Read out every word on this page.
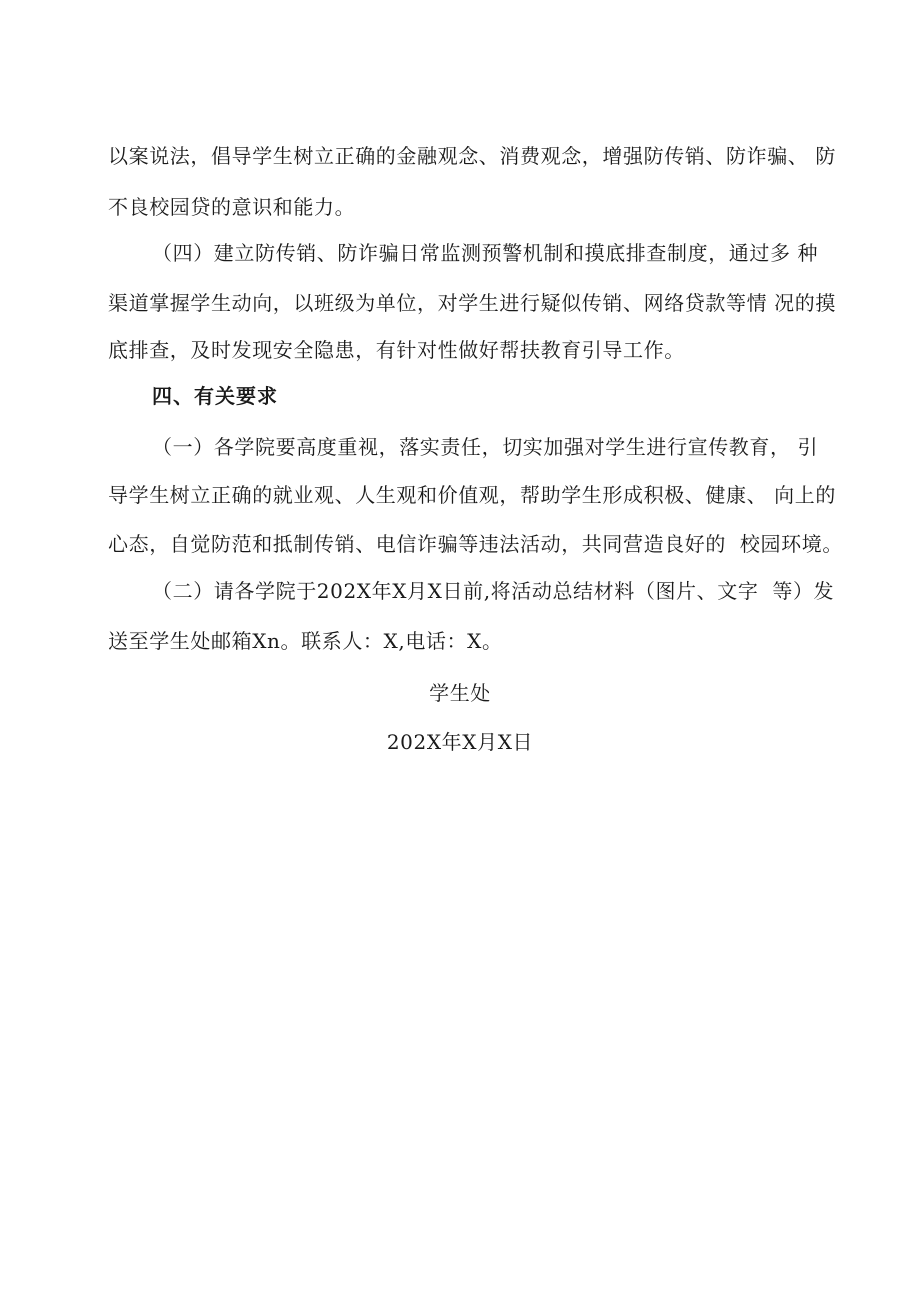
以案说法，倡导学生树立正确的金融观念、消费观念，增强防传销、防诈骗、 防
不良校园贷的意识和能力。
（四）建立防传销、防诈骗日常监测预警机制和摸底排查制度，通过多 种
渠道掌握学生动向，以班级为单位，对学生进行疑似传销、网络贷款等情 况的摸
底排查，及时发现安全隐患，有针对性做好帮扶教育引导工作。
四、有关要求
（一）各学院要高度重视，落实责任，切实加强对学生进行宣传教育， 引
导学生树立正确的就业观、人生观和价值观，帮助学生形成积极、健康、 向上的
心态，自觉防范和抵制传销、电信诈骗等违法活动，共同营造良好的  校园环境。
（二）请各学院于202X年X月X日前,将活动总结材料（图片、文字  等）发
送至学生处邮箱Xn。联系人：X,电话：X。
学生处
202X年X月X日
